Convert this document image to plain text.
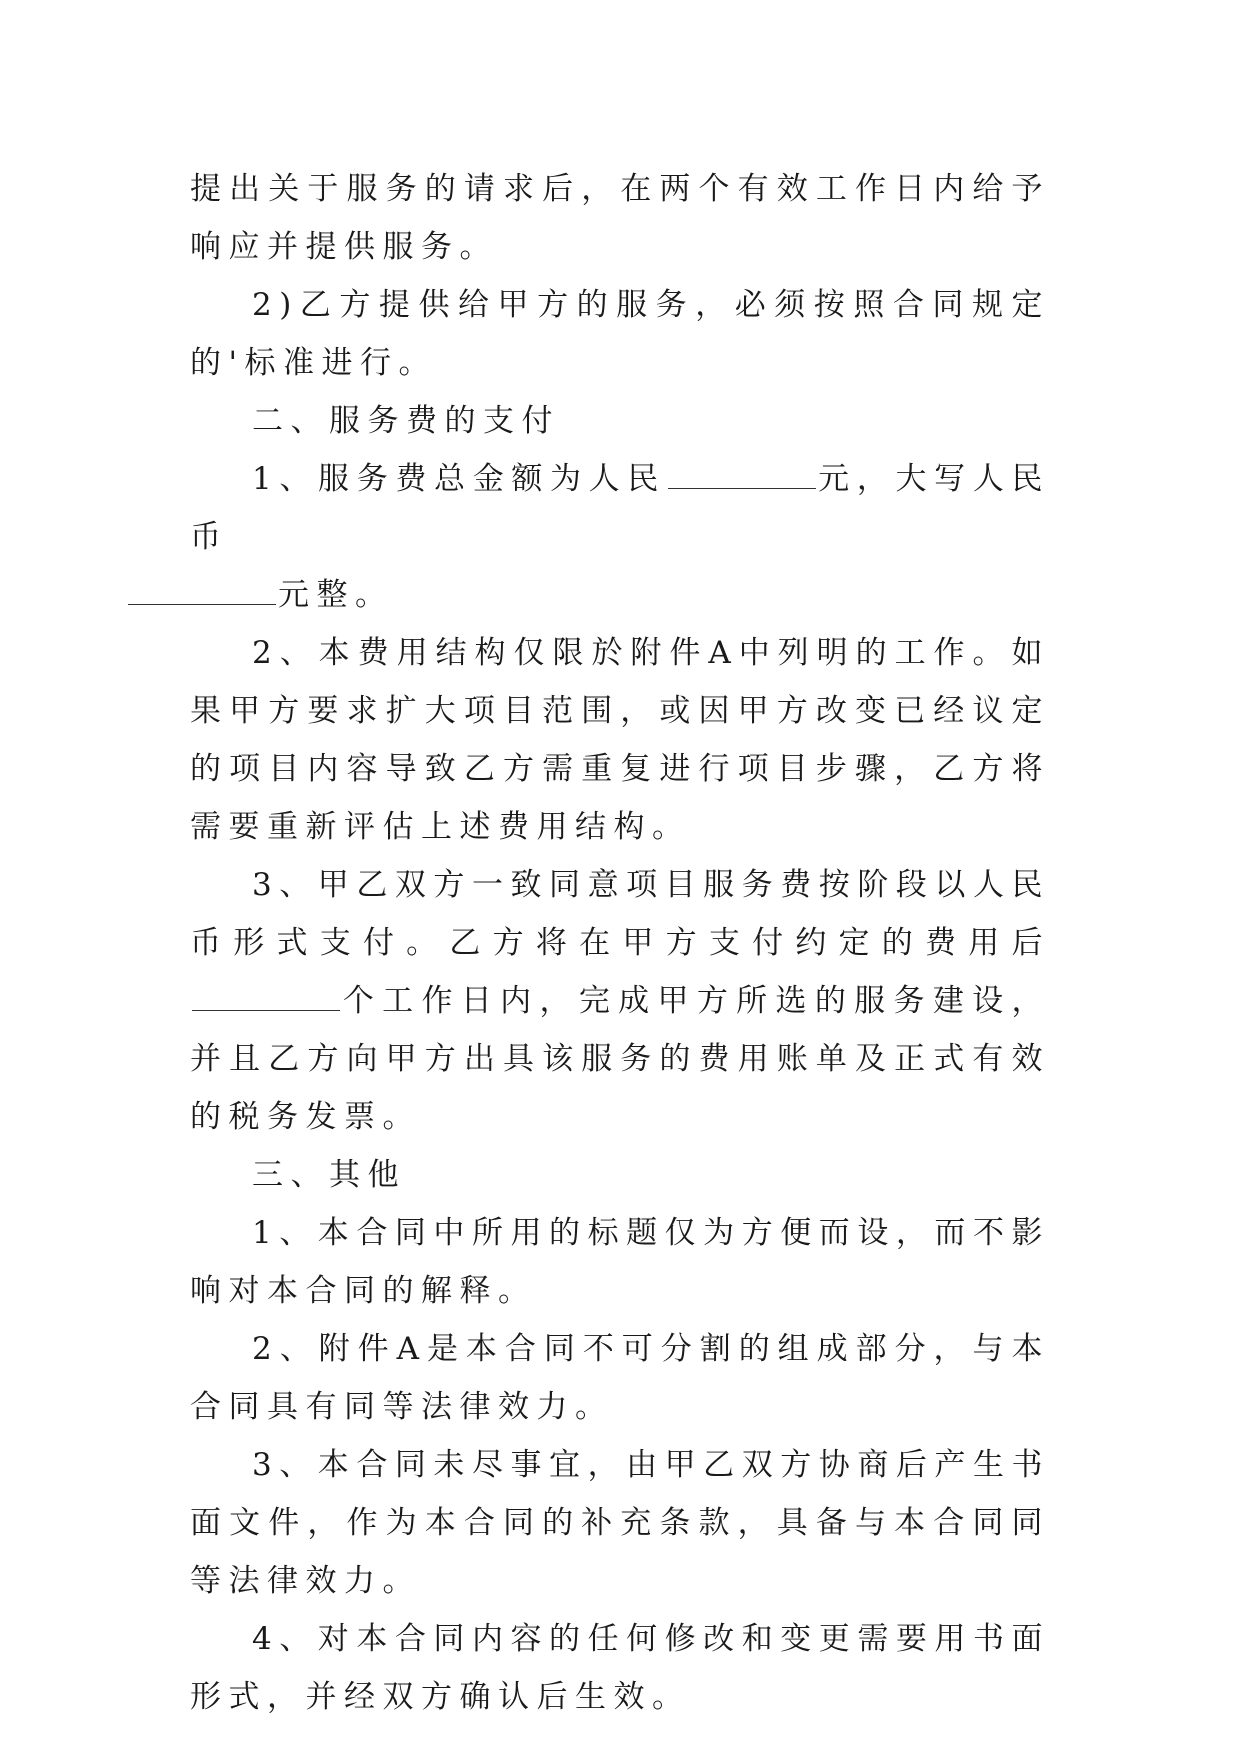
提出关于服务的请求后，在两个有效工作日内给予响应并提供服务。

2)乙方提供给甲方的服务，必须按照合同规定的'标准进行。

二、服务费的支付

1、服务费总金额为人民	元，大写人民币
元整。

2、本费用结构仅限於附件A中列明的工作。如果甲方要求扩大项目范围，或因甲方改变已经议定的项目内容导致乙方需重复进行项目步骤，乙方将需要重新评估上述费用结构。

3、甲乙双方一致同意项目服务费按阶段以人民币形式支付。乙方将在甲方支付约定的费用后个工作日内，完成甲方所选的服务建设，并且乙方向甲方出具该服务的费用账单及正式有效的税务发票。

三、其他

1、本合同中所用的标题仅为方便而设，而不影响对本合同的解释。

2、附件A是本合同不可分割的组成部分，与本合同具有同等法律效力。

3、本合同未尽事宜，由甲乙双方协商后产生书面文件，作为本合同的补充条款，具备与本合同同等法律效力。

4、对本合同内容的任何修改和变更需要用书面形式，并经双方确认后生效。
